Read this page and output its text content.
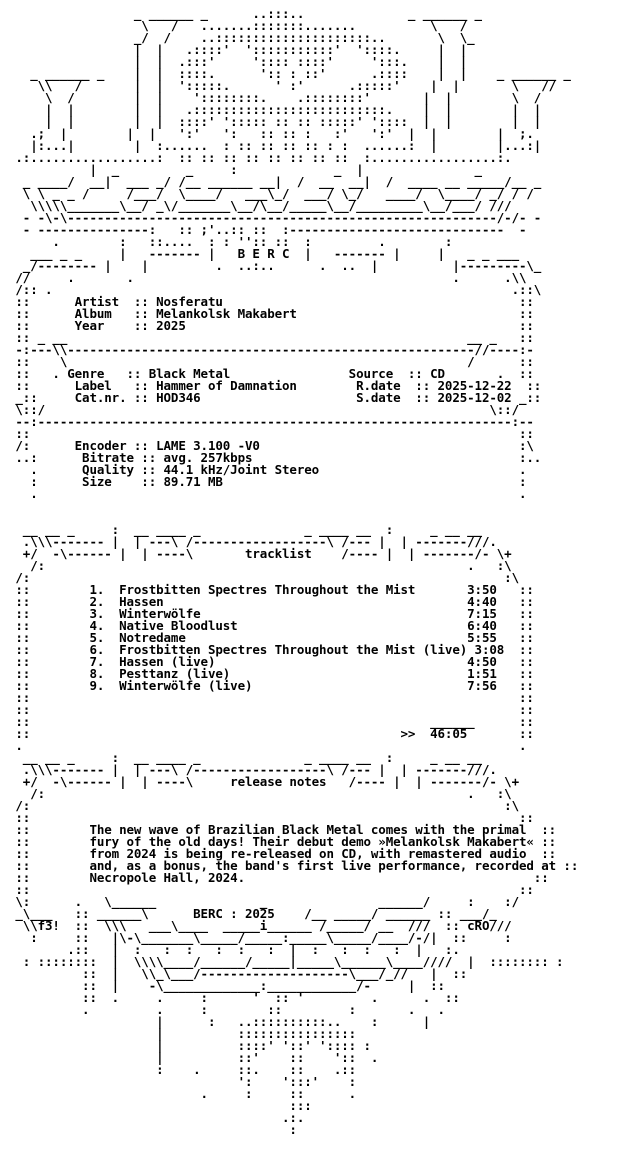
_ ______ _      ..:::..              _ ______ _
\   /   .......:::::::.......          \   /
_/  /    ..:::::::::::::::::::::..       \  \_
|  |   .::::'  ':::::::::::'  '::::.     |  |
|  |  .:::'     ':::: ::::'     ':::.    |  |
_ ______ _    |  |  ::::.      ':: : ::'      .::::    |  |    _ ______ _
\\   /       |  |  ':::::.      ' :'      .:::::'    |  |       \   //
\  /        |  |    '::::::::.    .::::::::'       |  |        \  /
|  |        |  |   .::::::::::::::::::::::::::.    |  |        |  |
|  |        |  |  ::::' '::::: :: :: :::::' '::::  |  |        |  |
.;  |        |  |   ':'   ':   :: :: :   :'   ':'  |  |        |  ;.
|:...|        |  :......  : :: :: :: :: : :  ......:  |        |...:|
.:.................:  :: :: :: :: :: :: :: ::  :.................:.
|  _         _     :             _  |               _
_ ____/  __|  ___ _/ /__ ______ __|  /  __  __|  /  ____ __ _____/__ _
\ \ _ _ /     /___/  \____/   ___\_/  ___/ \_/   ____/  \____/ _/ / /
\\\\\_______\__/ _\/_______\__/\__/_____\__/_________\__/___/ ///
- -\-\----------------------------------------------------------/-/- -
- ---------------:   :: ;'..:: ::  :-----------------------------  -
.        :   ::....  : : '':: ::  :         .        :
___ _ _     |   ------- |   B E R C  |   ------- |     |   _ _ ___
_/-------- |    |         .  ..:..      .  ..  |          |---------\_
//     .       .                                           .      .\\
/:: .                                                              .::\
::      Artist  :: Nosferatu                                        ::
::      Album   :: Melankolsk Makabert                              ::
::      Year    :: 2025                                             ::
:: _ __                                                      __ _   ::
-:---\\-------------------------------------------------------//----:-
::    \                                                      /      ::
::   . Genre   :: Black Metal                Source  :: CD       .  ::
::      Label   :: Hammer of Damnation        R.date  :: 2025-12-22  ::
_::     Cat.nr. :: HOD346                     S.date  :: 2025-12-02 _::
\::/                                                            \::/
--:----------------------------------------------------------------:--
::                                                                  ::
/:      Encoder :: LAME 3.100 -V0                                   :\
..:      Bitrate :: avg. 257kbps                                    :..
.      Quality :: 44.1 kHz/Joint Stereo                           .
:      Size    :: 89.71 MB                                        :
.                                                                 .
__ __ _     :  __ ____ _              _ ____ __  :     _ __ __
.\\\------- |  | ---\ /------------------\ /--- |  | -------///.
+/  -\------ |  | ----\       tracklist    /---- |  | -------/- \+
/:                                                         .   :\
/:                                                                :\
::        1.  Frostbitten Spectres Throughout the Mist       3:50   ::
::        2.  Hassen                                         4:40   ::
::        3.  Winterwölfe                                    7:15   ::
::        4.  Native Bloodlust                               6:40   ::
::        5.  Notredame                                      5:55   ::
::        6.  Frostbitten Spectres Throughout the Mist (live) 3:08  ::
::        7.  Hassen (live)                                  4:50   ::
::        8.  Pesttanz (live)                                1:51   ::
::        9.  Winterwölfe (live)                             7:56   ::
::                                                                  ::
::                                                                  ::
::                                                      ______      ::
::                                                  >>  46:05       ::
.                                                                   .
__ __ _     :  __ ____ _              _ ____ __  :     _ __ __
.\\\------- |  | ---\ /------------------\ /--- |  | -------///.
+/  -\------ |  | ----\     release notes   /---- |  | -------/- \+
/:                                                         .   :\
/:                                                                :\
::                                                                  ::
::        The new wave of Brazilian Black Metal comes with the primal  ::
::        fury of the old days! Their debut demo »Melankolsk Makabert« ::
::        from 2024 is being re-released on CD, with remastered audio  ::
::        and, as a bonus, the band's first live performance, recorded at ::
::        Necropole Hall, 2024.                                       ::
::                                                                  ::
\:      .   \______              _               ______/     :    :/
_\___   :: ______\      BERC : 2025    /__ _____/ ______ :: ___/_
\\f3!  ::  \\\   ___\____  _____i______ /_____/ __  ///  :: cRO///
:     ::   |\-\_______\_____/_____:_____\_____/____/-/|  ::     :
.::   |  :   :  :   :  :   :  |  :   :  :   :  |   :.
: ::::::::  |  \\\\____/______/_____|_____\______\____////  |  :::::::: :
::  |   \\_\___/--------------------\___/_//   |  ::
::  |    -\_____________:____________/-     |  ::
::  .     .     :      '  :: '         .      .  ::
.         .     :        ::         :       .   .
|      :   ..::::::::::..    :      |
|          ::::::::::::::::
|          ::::' '::' ':::: :
|          ::'    ::    '::  .
:    .     ::.    ::    .::
':    ':::'    :
.     :     ::      .
:::
.:.
:
